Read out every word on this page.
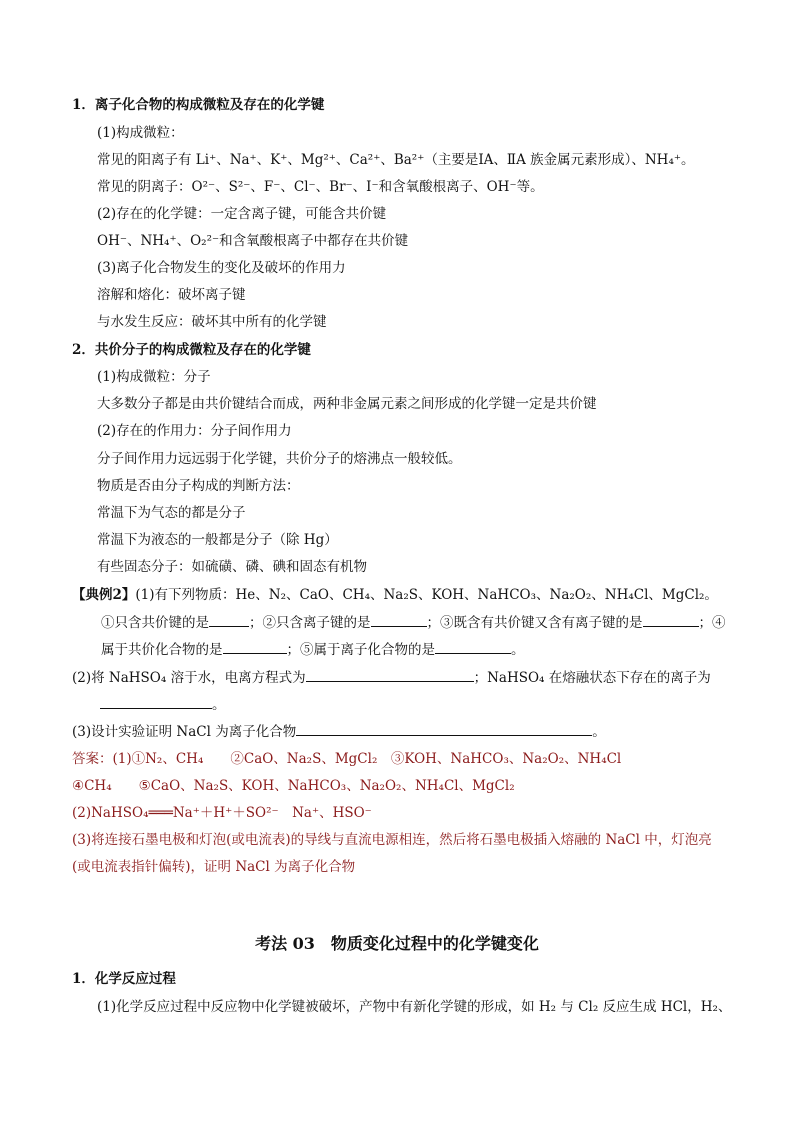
1．离子化合物的构成微粒及存在的化学键
(1)构成微粒：
常见的阳离子有 Li⁺、Na⁺、K⁺、Mg²⁺、Ca²⁺、Ba²⁺（主要是ⅠA、ⅡA 族金属元素形成）、NH₄⁺。
常见的阴离子：O²⁻、S²⁻、F⁻、Cl⁻、Br⁻、I⁻和含氧酸根离子、OH⁻等。
(2)存在的化学键：一定含离子键，可能含共价键
OH⁻、NH₄⁺、O₂²⁻和含氧酸根离子中都存在共价键
(3)离子化合物发生的变化及破坏的作用力
溶解和熔化：破坏离子键
与水发生反应：破坏其中所有的化学键
2．共价分子的构成微粒及存在的化学键
(1)构成微粒：分子
大多数分子都是由共价键结合而成，两种非金属元素之间形成的化学键一定是共价键
(2)存在的作用力：分子间作用力
分子间作用力远远弱于化学键，共价分子的熔沸点一般较低。
物质是否由分子构成的判断方法：
常温下为气态的都是分子
常温下为液态的一般都是分子（除 Hg）
有些固态分子：如硫磺、磷、碘和固态有机物
【典例2】(1)有下列物质：He、N₂、CaO、CH₄、Na₂S、KOH、NaHCO₃、Na₂O₂、NH₄Cl、MgCl₂。
①只含共价键的是	；②只含离子键的是	；③既含有共价键又含有离子键的是	；④
属于共价化合物的是	；⑤属于离子化合物的是	。
(2)将 NaHSO₄ 溶于水，电离方程式为	；NaHSO₄ 在熔融状态下存在的离子为
。
(3)设计实验证明 NaCl 为离子化合物	。
答案：(1)①N₂、CH₄　　②CaO、Na₂S、MgCl₂　③KOH、NaHCO₃、Na₂O₂、NH₄Cl
④CH₄　　⑤CaO、Na₂S、KOH、NaHCO₃、Na₂O₂、NH₄Cl、MgCl₂
(2)NaHSO₄═══Na⁺＋H⁺＋SO²⁻　Na⁺、HSO⁻
(3)将连接石墨电极和灯泡(或电流表)的导线与直流电源相连，然后将石墨电极插入熔融的 NaCl 中，灯泡亮
(或电流表指针偏转)，证明 NaCl 为离子化合物
考法 03　物质变化过程中的化学键变化
1．化学反应过程
(1)化学反应过程中反应物中化学键被破坏，产物中有新化学键的形成，如 H₂ 与 Cl₂ 反应生成 HCl，H₂、
